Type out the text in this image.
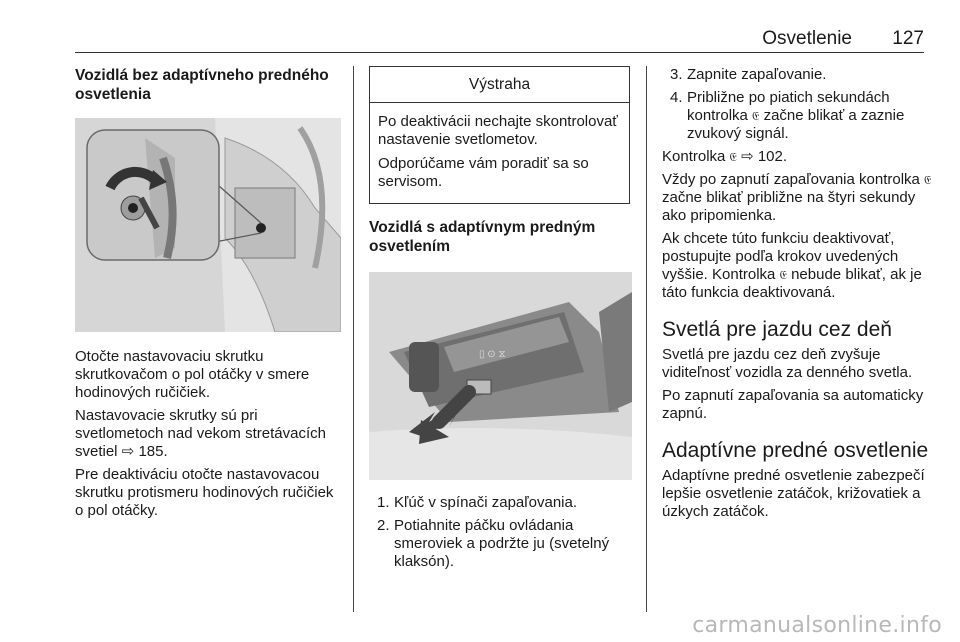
Osvetlenie 127
Vozidlá bez adaptívneho predného osvetlenia

Otočte nastavovaciu skrutku skrutkovačom o pol otáčky v smere hodinových ručičiek.

Nastavovacie skrutky sú pri svetlometoch nad vekom stretávacích svetiel ⇨ 185.

Pre deaktiváciu otočte nastavovacou skrutku protismeru hodinových ručičiek o pol otáčky.

Výstraha

Po deaktivácii nechajte skontrolovať nastavenie svetlometov.

Odporúčame vám poradiť sa so servisom.

Vozidlá s adaptívnym predným osvetlením
▯ ⊙ ⧖
1. Kľúč v spínači zapaľovania.
2. Potiahnite páčku ovládania smeroviek a podržte ju (svetelný klaksón).
3. Zapnite zapaľovanie.
4. Približne po piatich sekundách kontrolka 𝔈 začne blikať a zaznie zvukový signál.

Kontrolka 𝔈 ⇨ 102.

Vždy po zapnutí zapaľovania kontrolka 𝔈 začne blikať približne na štyri sekundy ako pripomienka.

Ak chcete túto funkciu deaktivovať, postupujte podľa krokov uvedených vyššie. Kontrolka 𝔈 nebude blikať, ak je táto funkcia deaktivovaná.

Svetlá pre jazdu cez deň

Svetlá pre jazdu cez deň zvyšuje viditeľnosť vozidla za denného svetla.

Po zapnutí zapaľovania sa automaticky zapnú.

Adaptívne predné osvetlenie

Adaptívne predné osvetlenie zabezpečí lepšie osvetlenie zatáčok, križovatiek a úzkych zatáčok.

carmanualsonline.info
